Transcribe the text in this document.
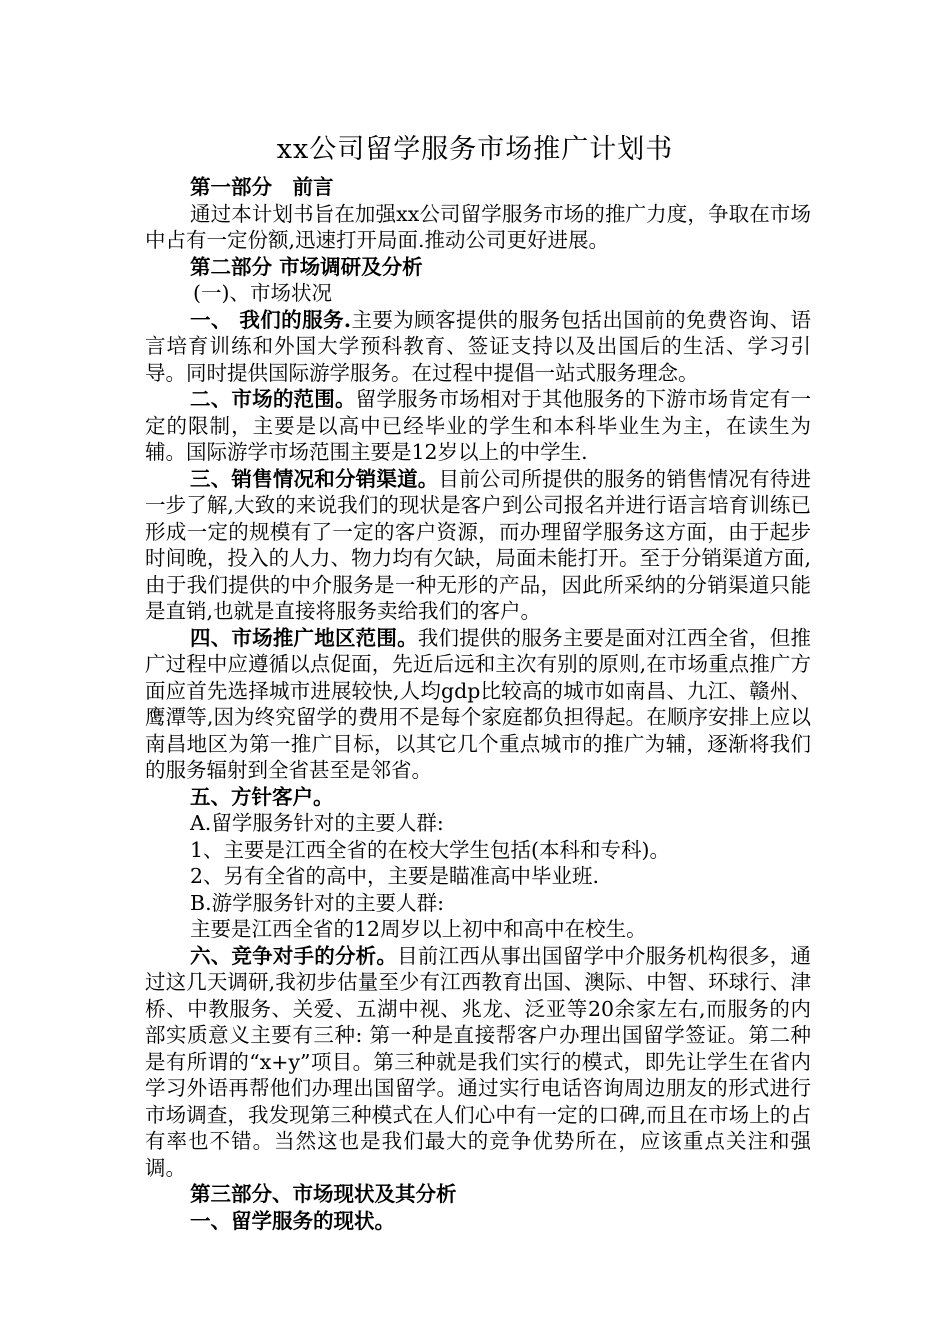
xx公司留学服务市场推广计划书

第一部分　前言

通过本计划书旨在加强xx公司留学服务市场的推广力度，争取在市场中占有一定份额,迅速打开局面.推动公司更好进展。

第二部分 市场调研及分析

(一)、市场状况

一、 我们的服务.主要为顾客提供的服务包括出国前的免费咨询、语言培育训练和外国大学预科教育、签证支持以及出国后的生活、学习引导。同时提供国际游学服务。在过程中提倡一站式服务理念。

二、市场的范围。留学服务市场相对于其他服务的下游市场肯定有一定的限制，主要是以高中已经毕业的学生和本科毕业生为主，在读生为辅。国际游学市场范围主要是12岁以上的中学生.

三、销售情况和分销渠道。目前公司所提供的服务的销售情况有待进一步了解,大致的来说我们的现状是客户到公司报名并进行语言培育训练已形成一定的规模有了一定的客户资源，而办理留学服务这方面，由于起步时间晚，投入的人力、物力均有欠缺，局面未能打开。至于分销渠道方面,由于我们提供的中介服务是一种无形的产品，因此所采纳的分销渠道只能是直销,也就是直接将服务卖给我们的客户。

四、市场推广地区范围。我们提供的服务主要是面对江西全省，但推广过程中应遵循以点促面，先近后远和主次有别的原则,在市场重点推广方面应首先选择城市进展较快,人均gdp比较高的城市如南昌、九江、赣州、鹰潭等,因为终究留学的费用不是每个家庭都负担得起。在顺序安排上应以南昌地区为第一推广目标，以其它几个重点城市的推广为辅，逐渐将我们的服务辐射到全省甚至是邻省。

五、方针客户。

A.留学服务针对的主要人群:

1、主要是江西全省的在校大学生包括(本科和专科)。

2、另有全省的高中，主要是瞄准高中毕业班.

B.游学服务针对的主要人群:

主要是江西全省的12周岁以上初中和高中在校生。

六、竞争对手的分析。目前江西从事出国留学中介服务机构很多，通过这几天调研,我初步估量至少有江西教育出国、澳际、中智、环球行、津桥、中教服务、关爱、五湖中视、兆龙、泛亚等20余家左右,而服务的内部实质意义主要有三种: 第一种是直接帮客户办理出国留学签证。第二种是有所谓的“x+y”项目。第三种就是我们实行的模式，即先让学生在省内学习外语再帮他们办理出国留学。通过实行电话咨询周边朋友的形式进行市场调查，我发现第三种模式在人们心中有一定的口碑,而且在市场上的占有率也不错。当然这也是我们最大的竞争优势所在，应该重点关注和强调。

第三部分、市场现状及其分析

一、留学服务的现状。
